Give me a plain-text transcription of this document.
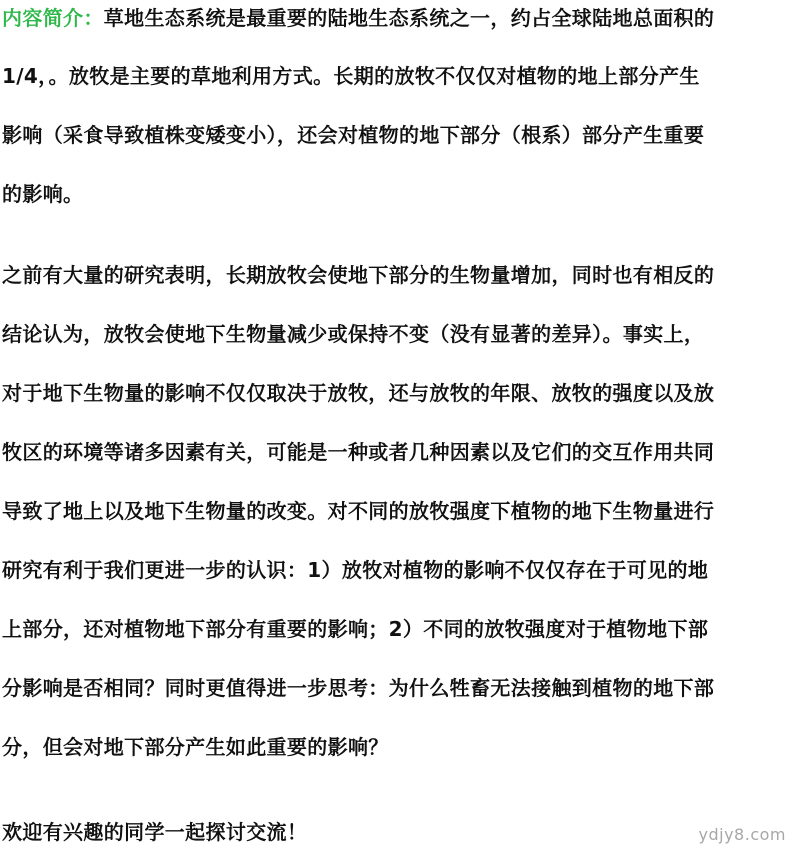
内容简介：草地生态系统是最重要的陆地生态系统之一，约占全球陆地总面积的
1/4，。放牧是主要的草地利用方式。长期的放牧不仅仅对植物的地上部分产生
影响（采食导致植株变矮变小），还会对植物的地下部分（根系）部分产生重要
的影响。
之前有大量的研究表明，长期放牧会使地下部分的生物量增加，同时也有相反的
结论认为，放牧会使地下生物量减少或保持不变（没有显著的差异）。事实上，
对于地下生物量的影响不仅仅取决于放牧，还与放牧的年限、放牧的强度以及放
牧区的环境等诸多因素有关，可能是一种或者几种因素以及它们的交互作用共同
导致了地上以及地下生物量的改变。对不同的放牧强度下植物的地下生物量进行
研究有利于我们更进一步的认识：1）放牧对植物的影响不仅仅存在于可见的地
上部分，还对植物地下部分有重要的影响；2）不同的放牧强度对于植物地下部
分影响是否相同？同时更值得进一步思考：为什么牲畜无法接触到植物的地下部
分，但会对地下部分产生如此重要的影响？
欢迎有兴趣的同学一起探讨交流！	ydjy8.com
